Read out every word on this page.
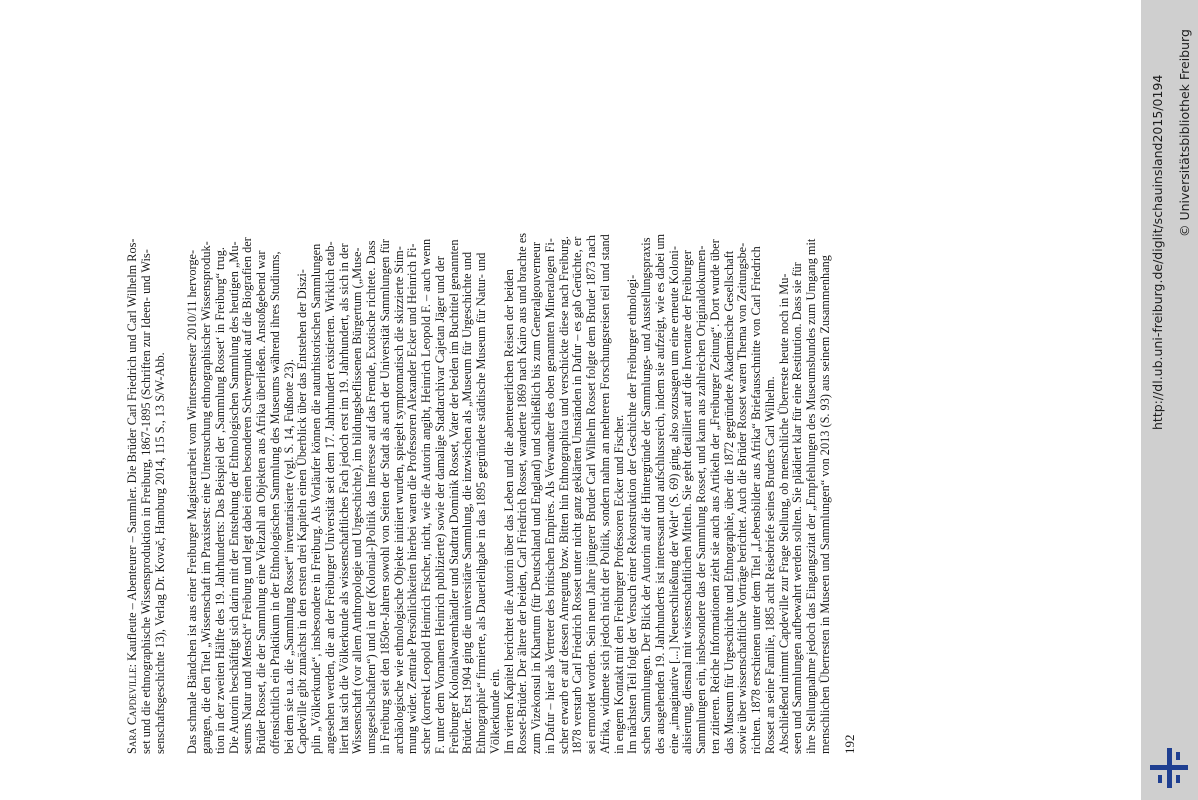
Sara Capdeville: Kaufleute – Abenteurer – Sammler. Die Brüder Carl Friedrich und Carl Wilhelm Ros- set und die ethnographische Wissensproduktion in Freiburg, 1867-1895 (Schriften zur Ideen- und Wis- senschaftsgeschichte 13), Verlag Dr. Kovač, Hamburg 2014, 115 S., 13 S/W-Abb. Das schmale Bändchen ist aus einer Freiburger Magisterarbeit vom Wintersemester 2010/11 hervorge- gangen, die den Titel „Wissenschaft im Praxistest: eine Untersuchung ethnographischer Wissensproduk- tion in der zweiten Hälfte des 19. Jahrhunderts: Das Beispiel der ‚Sammlung Rosset‘ in Freiburg“ trug. Die Autorin beschäftigt sich darin mit der Entstehung der Ethnologischen Sammlung des heutigen „Mu- seums Natur und Mensch“ Freiburg und legt dabei einen besonderen Schwerpunkt auf die Biografien der Brüder Rosset, die der Sammlung eine Vielzahl an Objekten aus Afrika überließen. Anstoßgebend war offensichtlich ein Praktikum in der Ethnologischen Sammlung des Museums während ihres Studiums, bei dem sie u.a. die „Sammlung Rosset“ inventarisierte (vgl. S. 14, Fußnote 23). Capdeville gibt zunächst in den ersten drei Kapiteln einen Überblick über das Entstehen der Diszi- plin „Völkerkunde“, insbesondere in Freiburg. Als Vorläufer können die naturhistorischen Sammlungen angesehen werden, die an der Freiburger Universität seit dem 17. Jahrhundert existierten. Wirklich etab- liert hat sich die Völkerkunde als wissenschaftliches Fach jedoch erst im 19. Jahrhundert, als sich in der Wissenschaft (vor allem Anthropologie und Urgeschichte), im bildungsbeflissenen Bürgertum („Muse- umsgesellschaften“) und in der (Kolonial-)Politik das Interesse auf das Fremde, Exotische richtete. Dass in Freiburg seit den 1850er-Jahren sowohl von Seiten der Stadt als auch der Universität Sammlungen für archäologische wie ethnologische Objekte initiiert wurden, spiegelt symptomatisch die skizzierte Stim- mung wider. Zentrale Persönlichkeiten hierbei waren die Professoren Alexander Ecker und Heinrich Fi- scher (korrekt Leopold Heinrich Fischer, nicht, wie die Autorin angibt, Heinrich Leopold F. – auch wenn F. unter dem Vornamen Heinrich publizierte) sowie der damalige Stadtarchivar Cajetan Jäger und der Freiburger Kolonialwarenhändler und Stadtrat Dominik Rosset, Vater der beiden im Buchtitel genannten Brüder. Erst 1904 ging die universitäre Sammlung, die inzwischen als „Museum für Urgeschichte und Ethnographie“ firmierte, als Dauerleihgabe in das 1895 gegründete städtische Museum für Natur- und Völkerkunde ein. Im vierten Kapitel berichtet die Autorin über das Leben und die abenteuerlichen Reisen der beiden Rosset-Brüder. Der ältere der beiden, Carl Friedrich Rosset, wanderte 1869 nach Kairo aus und brachte es zum Vizekonsul in Khartum (für Deutschland und England) und schließlich bis zum Generalgouverneur in Dafur – hier als Vertreter des britischen Empires. Als Verwandter des oben genannten Mineralogen Fi- scher erwarb er auf dessen Anregung bzw. Bitten hin Ethnographica und verschickte diese nach Freiburg. 1878 verstarb Carl Friedrich Rosset unter nicht ganz geklärten Umständen in Dafur – es gab Gerüchte, er sei ermordet worden. Sein neun Jahre jüngerer Bruder Carl Wilhelm Rosset folgte dem Bruder 1873 nach Afrika, widmete sich jedoch nicht der Politik, sondern nahm an mehreren Forschungsreisen teil und stand in engem Kontakt mit den Freiburger Professoren Ecker und Fischer. Im nächsten Teil folgt der Versuch einer Rekonstruktion der Geschichte der Freiburger ethnologi- schen Sammlungen. Der Blick der Autorin auf die Hintergründe der Sammlungs- und Ausstellungspraxis des ausgehenden 19. Jahrhunderts ist interessant und aufschlussreich, indem sie aufzeigt, wie es dabei um eine „imaginative [...] Neuerschließung der Welt“ (S. 69) ging, also sozusagen um eine erneute Koloni- alisierung, diesmal mit wissenschaftlichen Mitteln. Sie geht detailliert auf die Inventare der Freiburger Sammlungen ein, insbesondere das der Sammlung Rosset, und kann aus zahlreichen Originaldokumen- ten zitieren. Reiche Informationen zieht sie auch aus Artikeln der „Freiburger Zeitung“. Dort wurde über das Museum für Urgeschichte und Ethnographie, über die 1872 gegründete Akademische Gesellschaft sowie über wissenschaftliche Vorträge berichtet. Auch die Brüder Rosset waren Thema von Zeitungsbe- richten. 1878 erschienen unter dem Titel „Lebensbilder aus Afrika“ Briefausschnitte von Carl Friedrich Rosset an seine Familie, 1885 acht Reisebriefe seines Bruders Carl Wilhelm. Abschließend nimmt Capdeville zur Frage Stellung, ob menschliche Überreste heute noch in Mu- seen und Sammlungen aufbewahrt werden sollten. Sie plädiert klar für eine Restitution. Dass sie für ihre Stellungnahme jedoch das Eingangszitat der „Empfehlungen des Museumsbundes zum Umgang mit menschlichen Überresten in Museen und Sammlungen“ von 2013 (S. 93) aus seinem Zusammenhang 192
http://dl.ub.uni-freiburg.de/diglit/schauinsland2015/0194 © Universitätsbibliothek Freiburg
